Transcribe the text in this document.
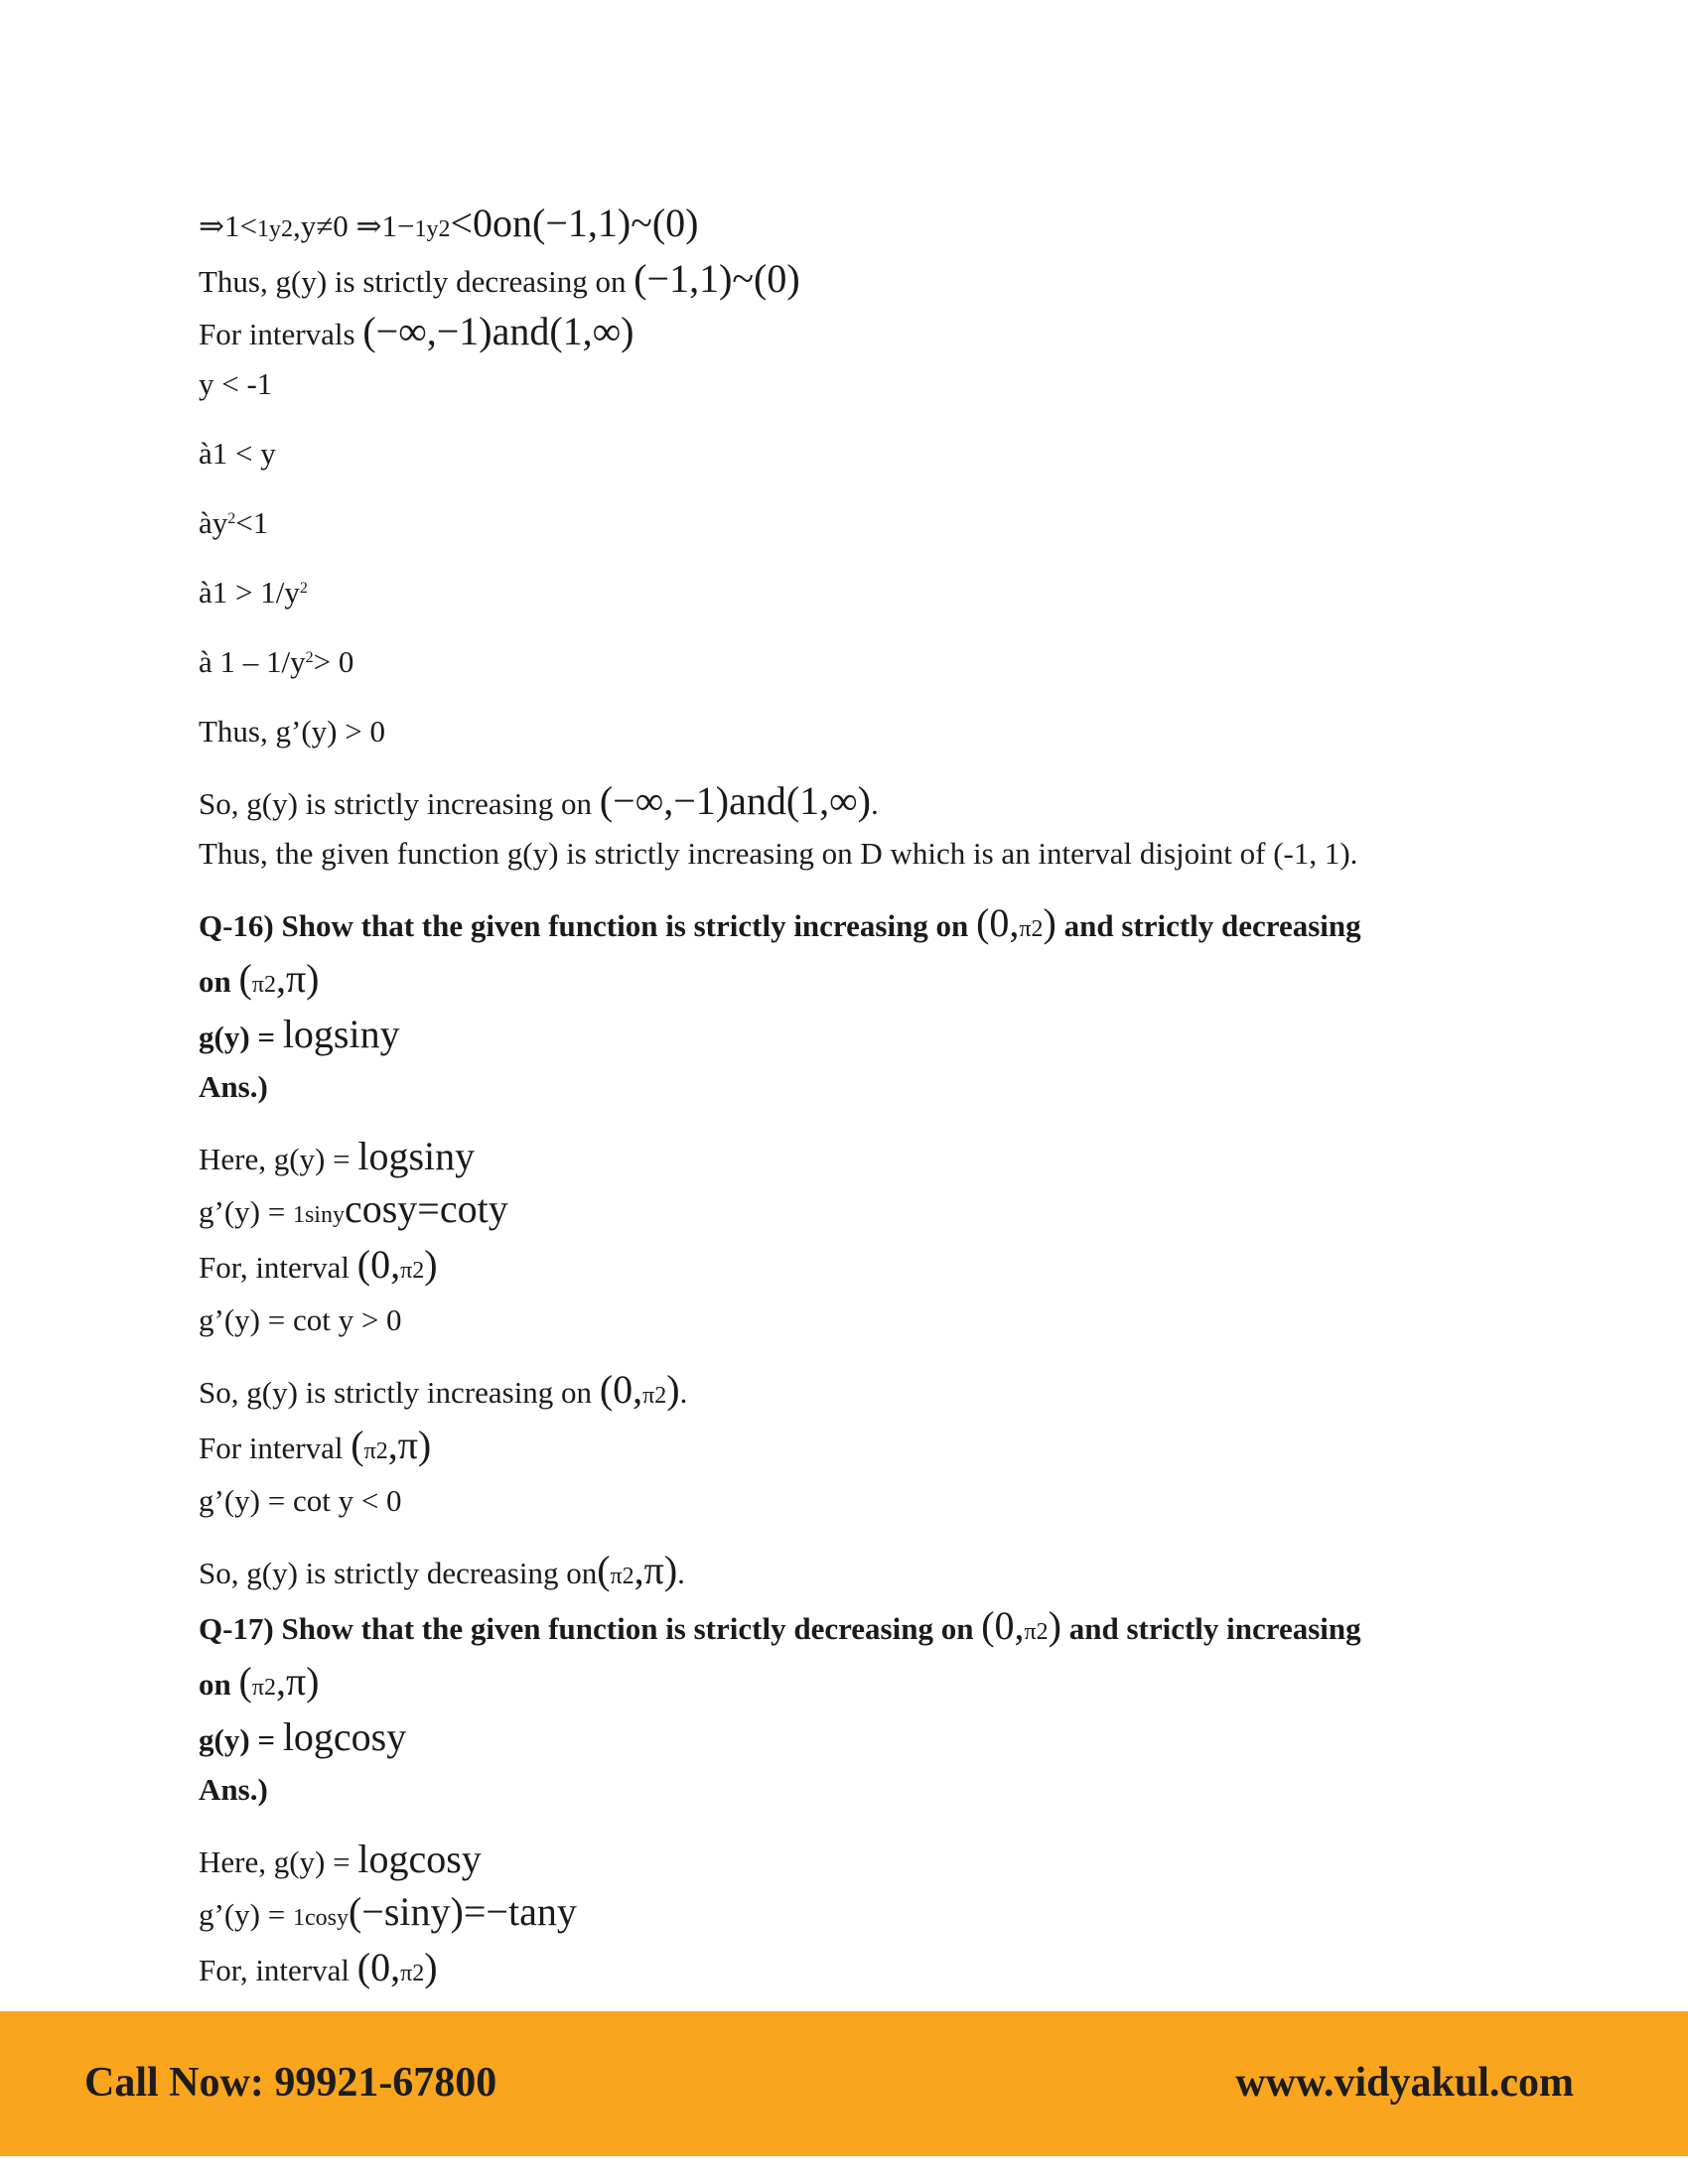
⇒1<1y2,y≠0 ⇒1−1y2<0on(−1,1)~(0)
Thus, g(y) is strictly decreasing on (−1,1)~(0)
For intervals (−∞,−1)and(1,∞)
y < -1
à1 < y
$ày^2<1$
à1 > $1/y^2$
à $1 - 1/y^2> 0$
Thus, g’(y) > 0
So, g(y) is strictly increasing on (−∞,−1)and(1,∞).
Thus, the given function g(y) is strictly increasing on D which is an interval disjoint of (-1, 1).
Q-16) Show that the given function is strictly increasing on (0,π2) and strictly decreasing
on (π2,π)
g(y) = logsiny
Ans.)
Here, g(y) = logsiny
g’(y) = 1sinycosy=coty
For, interval (0,π2)
g’(y) = cot y > 0
So, g(y) is strictly increasing on (0,π2).
For interval (π2,π)
g’(y) = cot y < 0
So, g(y) is strictly decreasing on(π2,π).
Q-17) Show that the given function is strictly decreasing on (0,π2) and strictly increasing
on (π2,π)
g(y) = logcosy
Ans.)
Here, g(y) = logcosy
g’(y) = 1cosy(−siny)=−tany
For, interval (0,π2)
Call Now: 99921-67800	www.vidyakul.com
